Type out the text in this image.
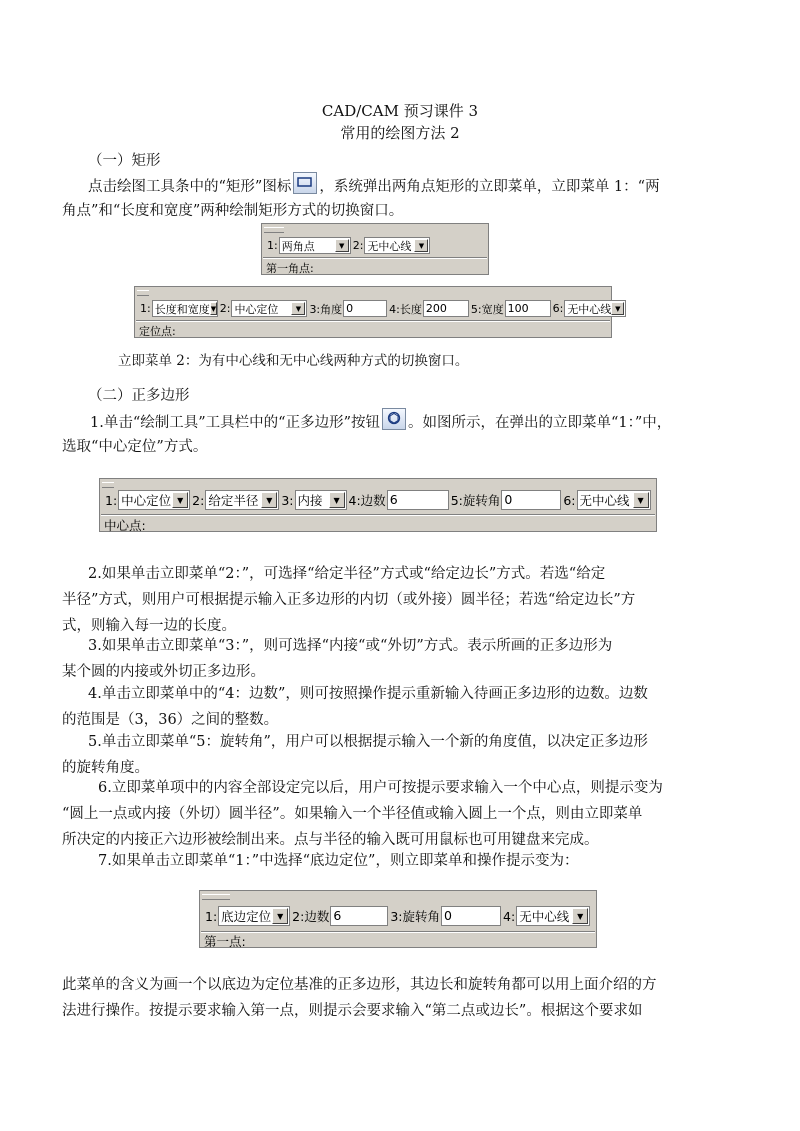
CAD/CAM 预习课件 3
常用的绘图方法 2
（一）矩形
点击绘图工具条中的“矩形”图标 ，系统弹出两角点矩形的立即菜单，立即菜单 1：“两
角点”和“长度和宽度”两种绘制矩形方式的切换窗口。
1: 两角点	▼ 2: 无中心线	▼
第一角点:
1: 长度和宽度 ▼ 2: 中心定位	▼ 3:角度 0	4:长度 200	5:宽度 100	6: 无中心线 ▼
定位点:
立即菜单 2：为有中心线和无中心线两种方式的切换窗口。
（二）正多边形
1.单击“绘制工具”工具栏中的“正多边形”按钮 。如图所示，在弹出的立即菜单“1：”中，
选取“中心定位”方式。
1: 中心定位 ▼ 2: 给定半径 ▼ 3: 内接	▼ 4:边数 6	5:旋转角 0	6: 无中心线 ▼
中心点:
2.如果单击立即菜单“2：”，可选择“给定半径”方式或“给定边长”方式。若选“给定
半径”方式，则用户可根据提示输入正多边形的内切（或外接）圆半径；若选“给定边长”方
式，则输入每一边的长度。
3.如果单击立即菜单“3：”，则可选择“内接“或“外切”方式。表示所画的正多边形为
某个圆的内接或外切正多边形。
4.单击立即菜单中的“4：边数”，则可按照操作提示重新输入待画正多边形的边数。边数
的范围是（3，36）之间的整数。
5.单击立即菜单“5：旋转角”，用户可以根据提示输入一个新的角度值，以决定正多边形
的旋转角度。
6.立即菜单项中的内容全部设定完以后，用户可按提示要求输入一个中心点，则提示变为
“圆上一点或内接（外切）圆半径”。如果输入一个半径值或输入圆上一个点，则由立即菜单
所决定的内接正六边形被绘制出来。点与半径的输入既可用鼠标也可用键盘来完成。
7.如果单击立即菜单“1：”中选择“底边定位”，则立即菜单和操作提示变为：
1: 底边定位 ▼ 2:边数 6	3:旋转角 0	4: 无中心线 ▼
第一点:
此菜单的含义为画一个以底边为定位基准的正多边形，其边长和旋转角都可以用上面介绍的方
法进行操作。按提示要求输入第一点，则提示会要求输入“第二点或边长”。根据这个要求如
